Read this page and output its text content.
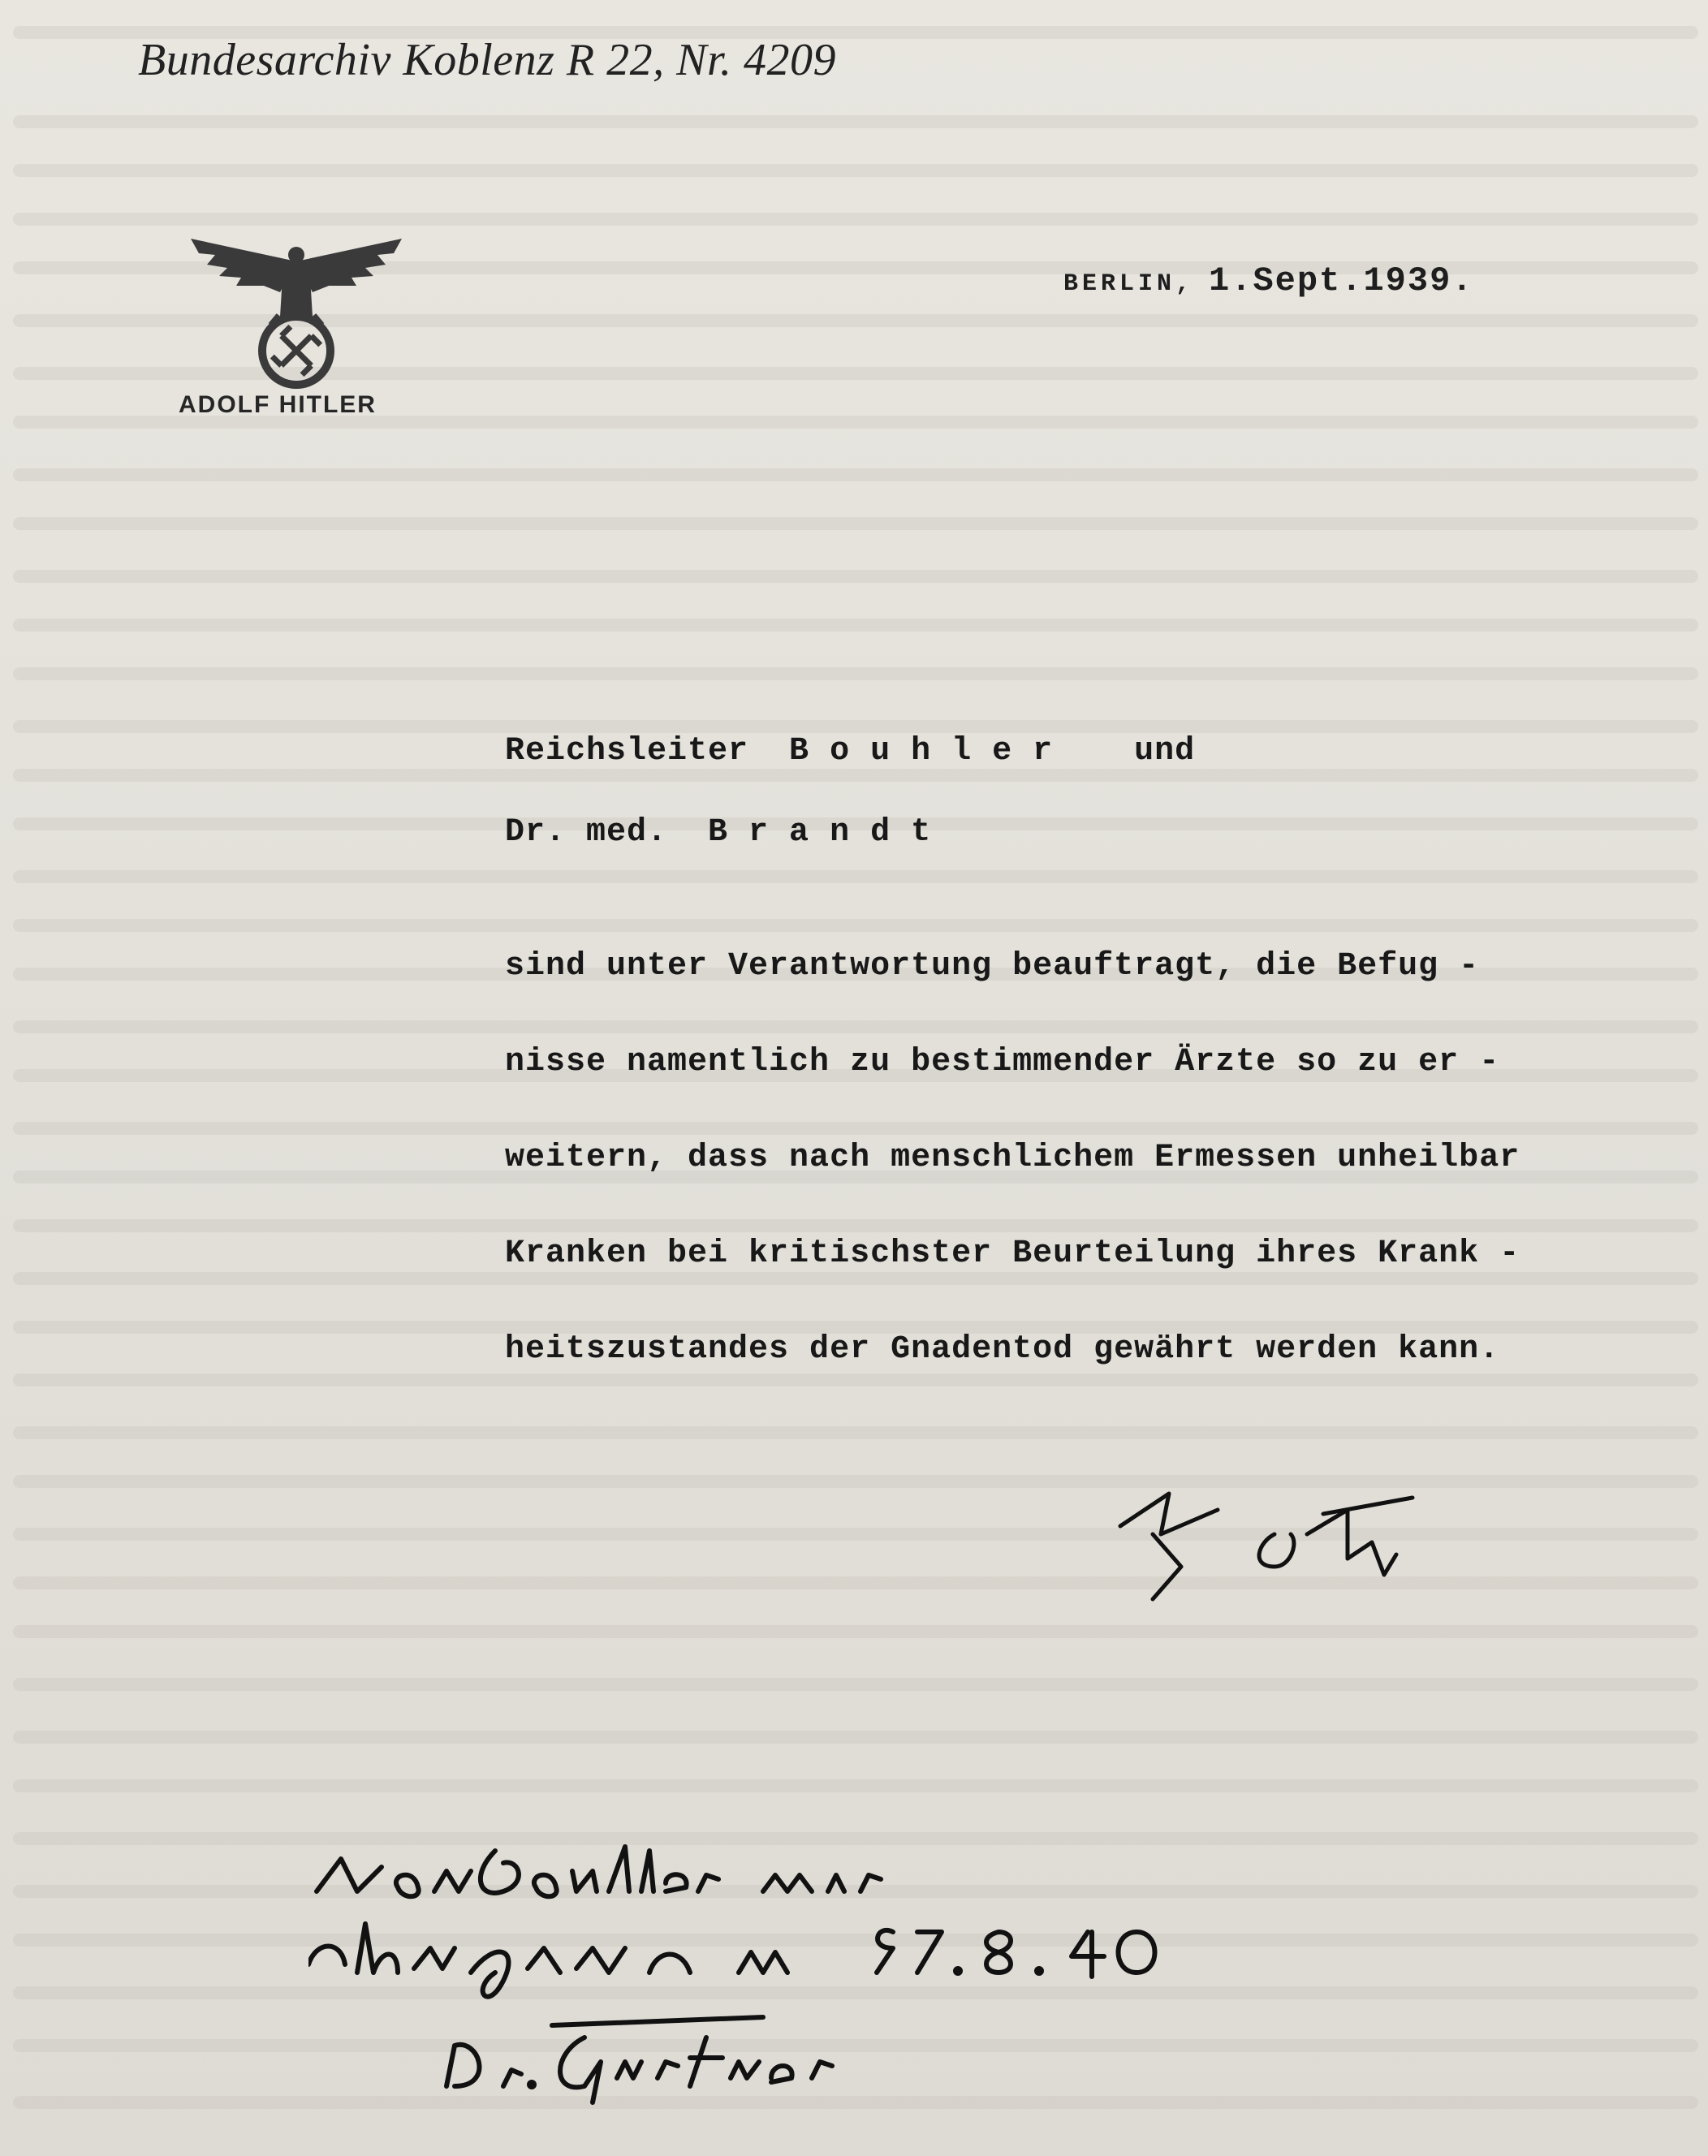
Bundesarchiv Koblenz R 22, Nr. 4209
ADOLF HITLER
BERLIN, 1.Sept.1939.
Reichsleiter  B o u h l e r    und
Dr. med.  B r a n d t
sind unter Verantwortung beauftragt, die Befug -
nisse namentlich zu bestimmender Ärzte so zu er -
weitern, dass nach menschlichem Ermessen unheilbar
Kranken bei kritischster Beurteilung ihres Krank -
heitszustandes der Gnadentod gewährt werden kann.
